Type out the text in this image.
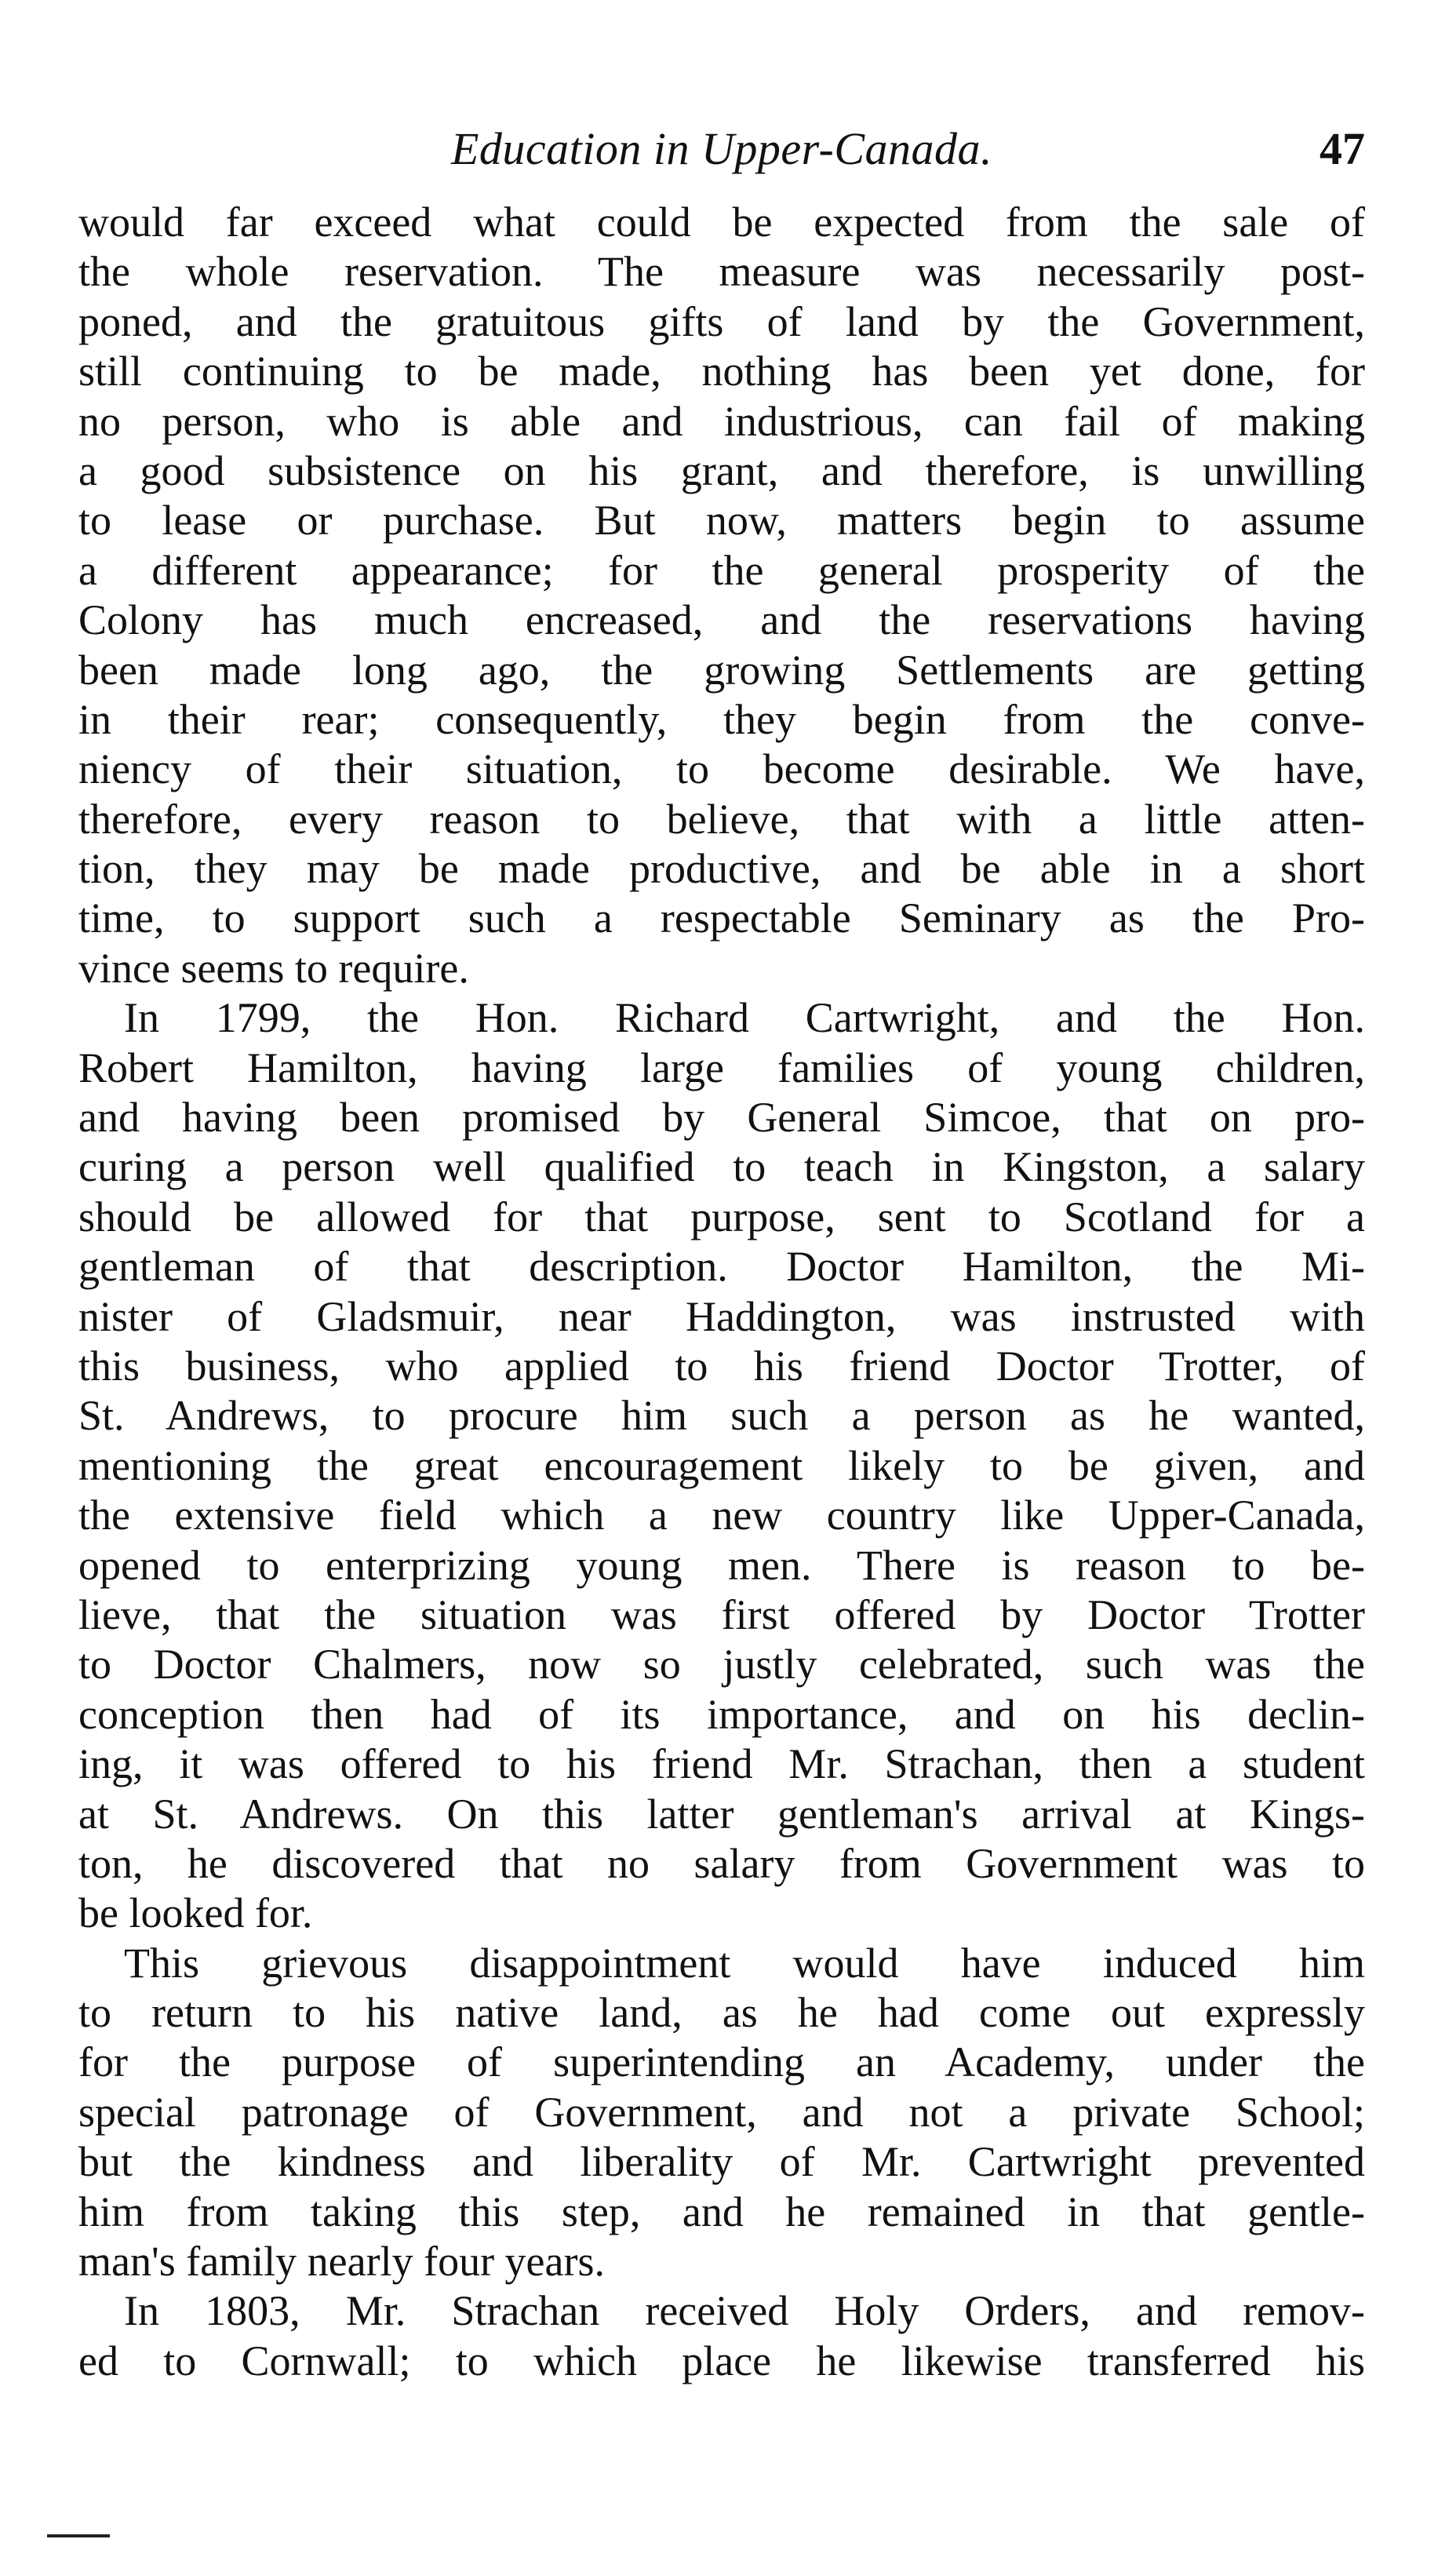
Education in Upper-Canada.	47
would far exceed what could be expected from the sale of
the whole reservation. The measure was necessarily post-
poned, and the gratuitous gifts of land by the Government,
still continuing to be made, nothing has been yet done, for
no person, who is able and industrious, can fail of making
a good subsistence on his grant, and therefore, is unwilling
to lease or purchase. But now, matters begin to assume
a different appearance; for the general prosperity of the
Colony has much encreased, and the reservations having
been made long ago, the growing Settlements are getting
in their rear; consequently, they begin from the conve-
niency of their situation, to become desirable. We have,
therefore, every reason to believe, that with a little atten-
tion, they may be made productive, and be able in a short
time, to support such a respectable Seminary as the Pro-
vince seems to require.
In 1799, the Hon. Richard Cartwright, and the Hon.
Robert Hamilton, having large families of young children,
and having been promised by General Simcoe, that on pro-
curing a person well qualified to teach in Kingston, a salary
should be allowed for that purpose, sent to Scotland for a
gentleman of that description. Doctor Hamilton, the Mi-
nister of Gladsmuir, near Haddington, was instrusted with
this business, who applied to his friend Doctor Trotter, of
St. Andrews, to procure him such a person as he wanted,
mentioning the great encouragement likely to be given, and
the extensive field which a new country like Upper-Canada,
opened to enterprizing young men. There is reason to be-
lieve, that the situation was first offered by Doctor Trotter
to Doctor Chalmers, now so justly celebrated, such was the
conception then had of its importance, and on his declin-
ing, it was offered to his friend Mr. Strachan, then a student
at St. Andrews. On this latter gentleman's arrival at Kings-
ton, he discovered that no salary from Government was to
be looked for.
This grievous disappointment would have induced him
to return to his native land, as he had come out expressly
for the purpose of superintending an Academy, under the
special patronage of Government, and not a private School;
but the kindness and liberality of Mr. Cartwright prevented
him from taking this step, and he remained in that gentle-
man's family nearly four years.
In 1803, Mr. Strachan received Holy Orders, and remov-
ed to Cornwall; to which place he likewise transferred his
